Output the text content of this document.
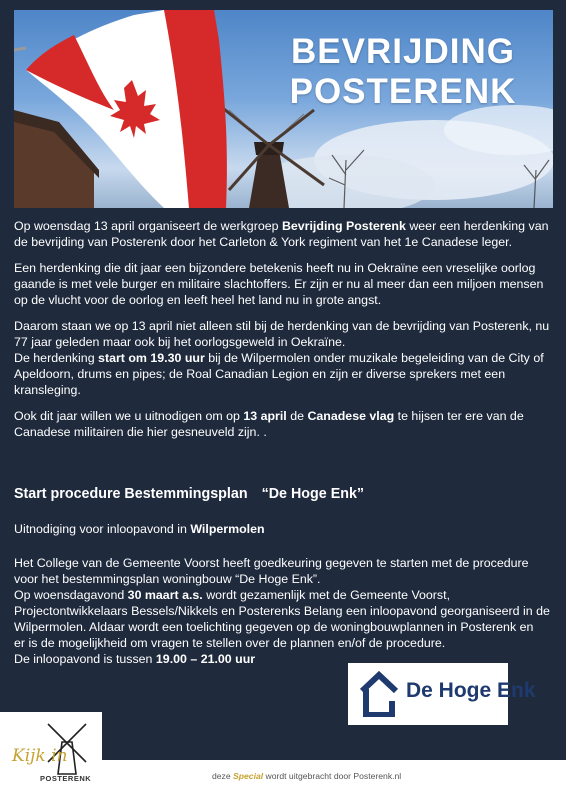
BEVRIJDING
POSTERENK

Op woensdag 13 april organiseert de werkgroep Bevrijding Posterenk weer een herdenking van de bevrijding van Posterenk door het Carleton & York regiment van het 1e Canadese leger.

Een herdenking die dit jaar een bijzondere betekenis heeft nu in Oekraïne een vreselijke oorlog gaande is met vele burger en militaire slachtoffers. Er zijn er nu al meer dan een miljoen mensen op de vlucht voor de oorlog en leeft heel het land nu in grote angst.

Daarom staan we op 13 april niet alleen stil bij de herdenking van de bevrijding van Posterenk, nu 77 jaar geleden maar ook bij het oorlogsgeweld in Oekraïne.
De herdenking start om 19.30 uur bij de Wilpermolen onder muzikale begeleiding van de City of Apeldoorn, drums en pipes; de Roal Canadian Legion en zijn er diverse sprekers met een kransleging.

Ook dit jaar willen we u uitnodigen om op 13 april de Canadese vlag te hijsen ter ere van de Canadese militairen die hier gesneuveld zijn. .

Start procedure Bestemmingsplan “De Hoge Enk”
Uitnodiging voor inloopavond in Wilpermolen
Het College van de Gemeente Voorst heeft goedkeuring gegeven te starten met de procedure
voor het bestemmingsplan woningbouw “De Hoge Enk”.
Op woensdagavond 30 maart a.s. wordt gezamenlijk met de Gemeente Voorst,
Projectontwikkelaars Bessels/Nikkels en Posterenks Belang een inloopavond georganiseerd in de
Wilpermolen. Aldaar wordt een toelichting gegeven op de woningbouwplannen in Posterenk en
er is de mogelijkheid om vragen te stellen over de plannen en/of de procedure.
De inloopavond is tussen 19.00 – 21.00 uur
De Hoge Enk
Kijk in
POSTERENK	deze Special wordt uitgebracht door Posterenk.nl
